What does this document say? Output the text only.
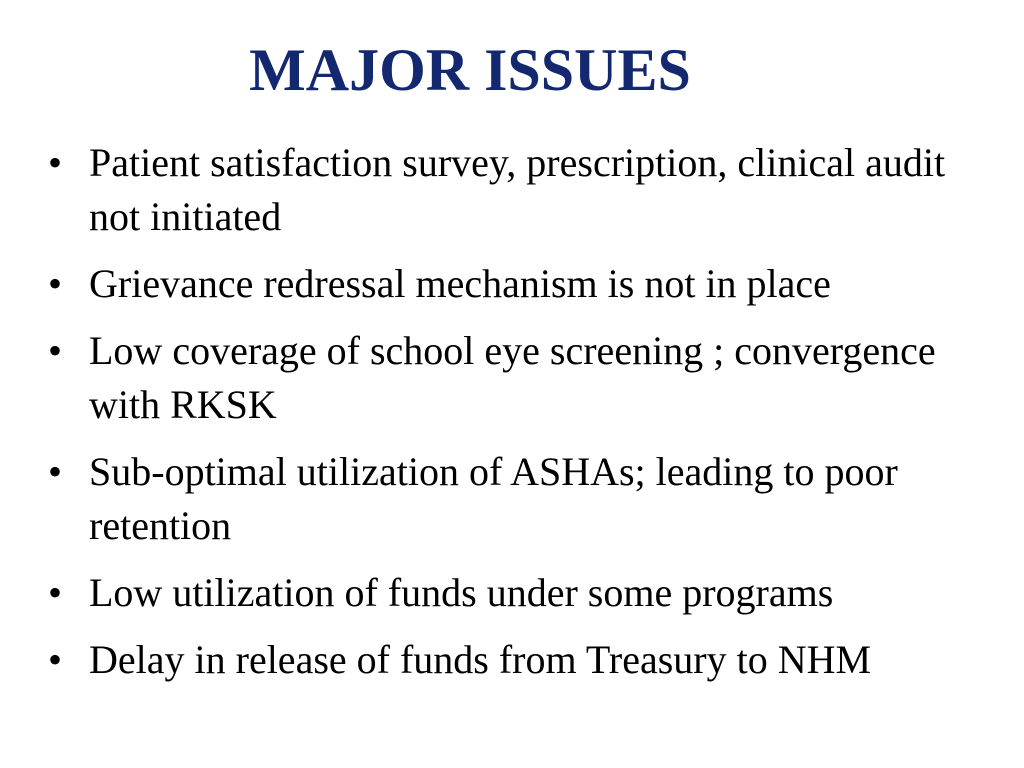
MAJOR ISSUES
• Patient satisfaction survey, prescription, clinical audit not initiated
• Grievance redressal mechanism is not in place
• Low coverage of school eye screening ; convergence with RKSK
• Sub-optimal utilization of ASHAs; leading to poor retention
• Low utilization of funds under some programs
• Delay in release of funds from Treasury to NHM
